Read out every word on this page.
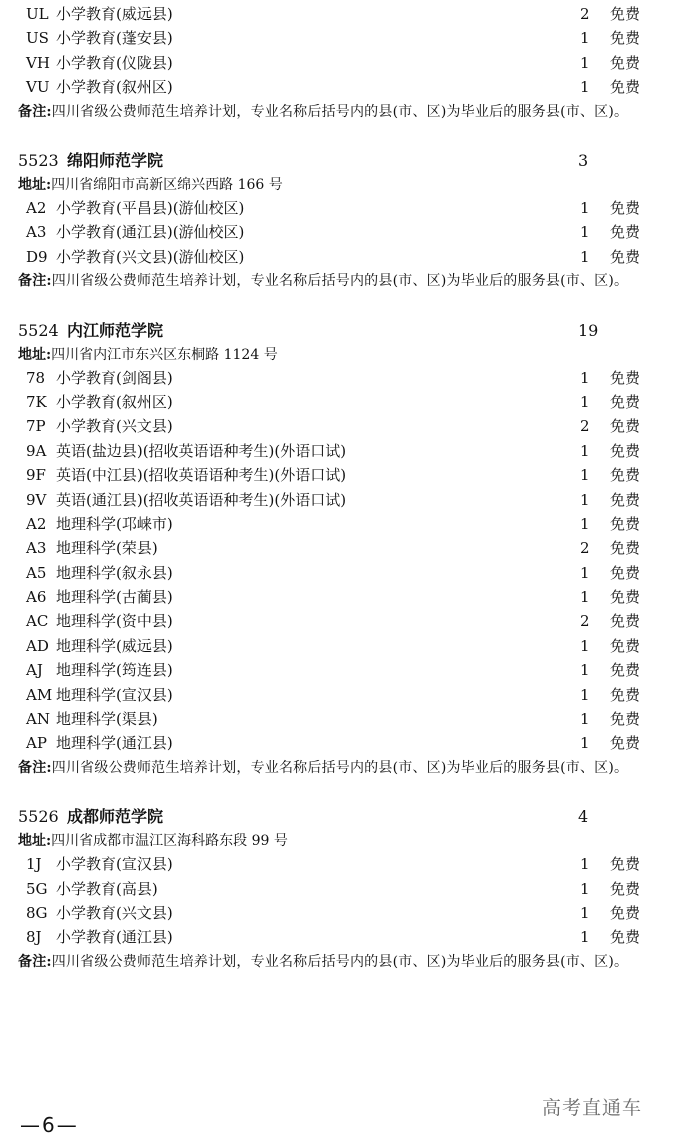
UL 小学教育(威远县)	2 免费
US 小学教育(蓬安县)	1 免费
VH 小学教育(仪陇县)	1 免费
VU 小学教育(叙州区)	1 免费
备注:四川省级公费师范生培养计划，专业名称后括号内的县(市、区)为毕业后的服务县(市、区)。
5523 绵阳师范学院	3
地址:四川省绵阳市高新区绵兴西路 166 号
A2 小学教育(平昌县)(游仙校区)	1 免费
A3 小学教育(通江县)(游仙校区)	1 免费
D9 小学教育(兴文县)(游仙校区)	1 免费
备注:四川省级公费师范生培养计划，专业名称后括号内的县(市、区)为毕业后的服务县(市、区)。
5524 内江师范学院	19
地址:四川省内江市东兴区东桐路 1124 号
78 小学教育(剑阁县)	1 免费
7K 小学教育(叙州区)	1 免费
7P 小学教育(兴文县)	2 免费
9A 英语(盐边县)(招收英语语种考生)(外语口试)	1 免费
9F 英语(中江县)(招收英语语种考生)(外语口试)	1 免费
9V 英语(通江县)(招收英语语种考生)(外语口试)	1 免费
A2 地理科学(邛崃市)	1 免费
A3 地理科学(荣县)	2 免费
A5 地理科学(叙永县)	1 免费
A6 地理科学(古蔺县)	1 免费
AC 地理科学(资中县)	2 免费
AD 地理科学(威远县)	1 免费
AJ 地理科学(筠连县)	1 免费
AM 地理科学(宣汉县)	1 免费
AN 地理科学(渠县)	1 免费
AP 地理科学(通江县)	1 免费
备注:四川省级公费师范生培养计划，专业名称后括号内的县(市、区)为毕业后的服务县(市、区)。
5526 成都师范学院	4
地址:四川省成都市温江区海科路东段 99 号
1J 小学教育(宣汉县)	1 免费
5G 小学教育(高县)	1 免费
8G 小学教育(兴文县)	1 免费
8J 小学教育(通江县)	1 免费
备注:四川省级公费师范生培养计划，专业名称后括号内的县(市、区)为毕业后的服务县(市、区)。
高考直通车
—6—
